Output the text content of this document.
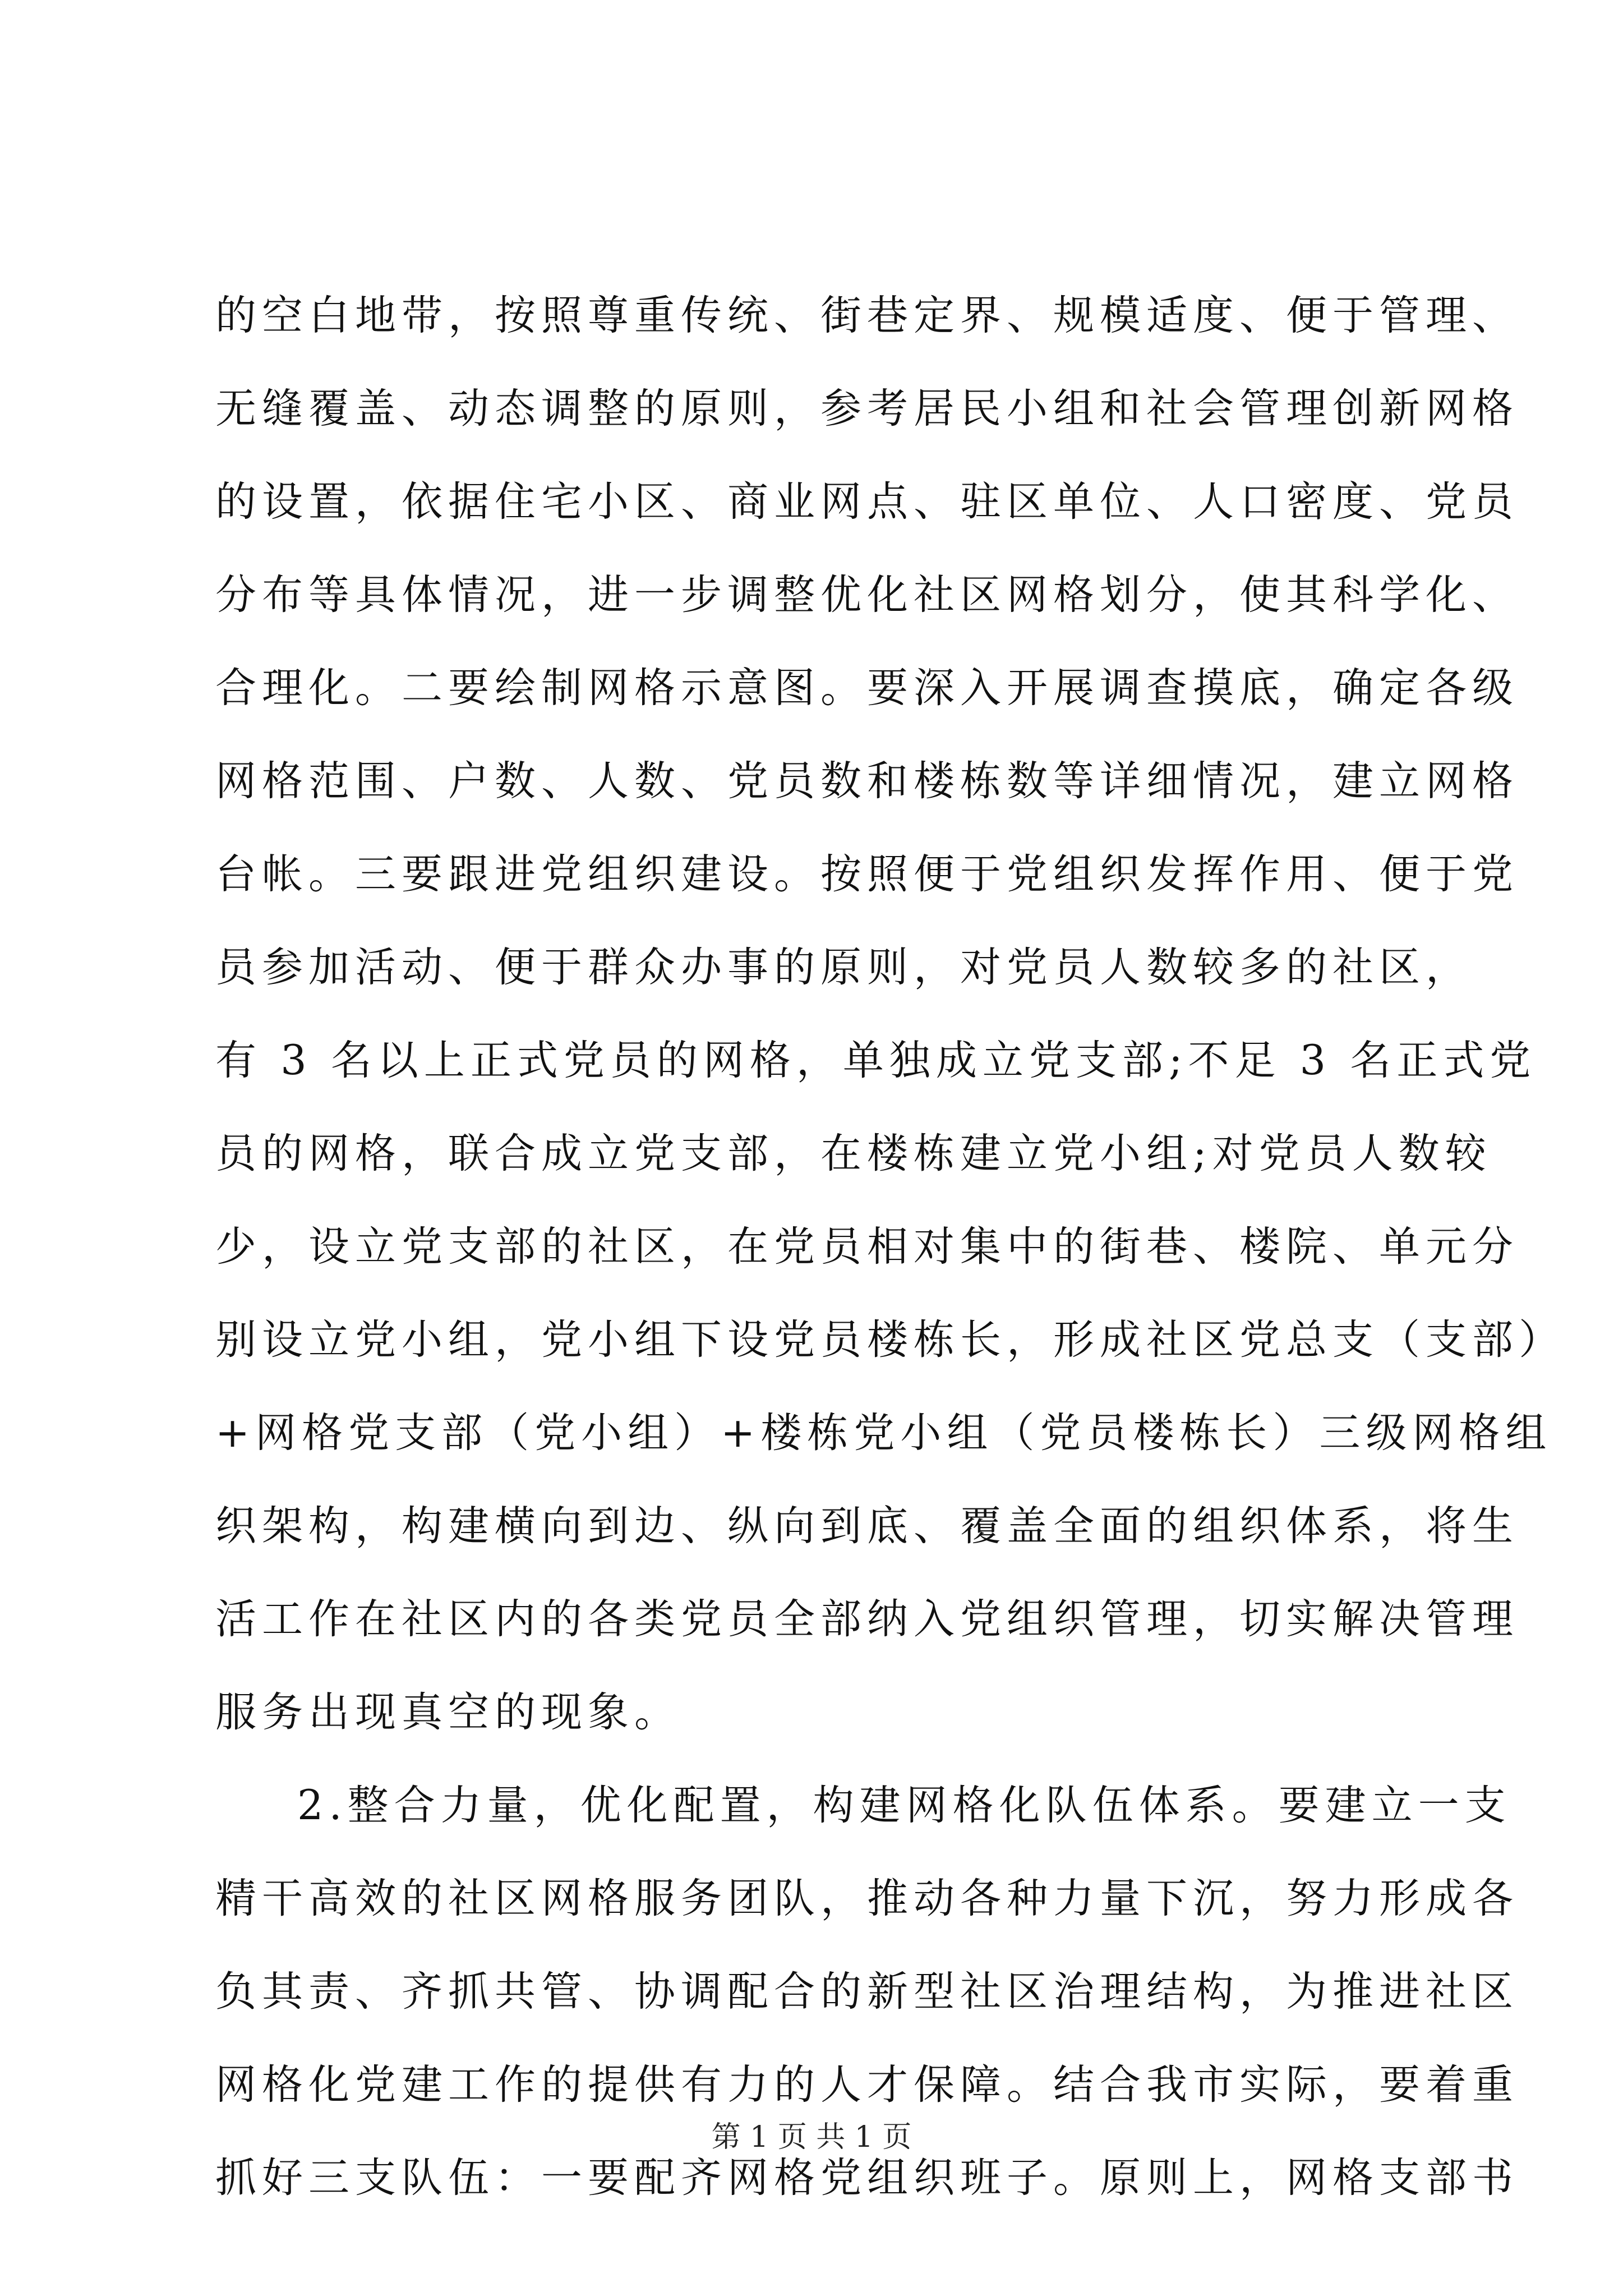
的空白地带，按照尊重传统、街巷定界、规模适度、便于管理、
无缝覆盖、动态调整的原则，参考居民小组和社会管理创新网格
的设置，依据住宅小区、商业网点、驻区单位、人口密度、党员
分布等具体情况，进一步调整优化社区网格划分，使其科学化、
合理化。二要绘制网格示意图。要深入开展调查摸底，确定各级
网格范围、户数、人数、党员数和楼栋数等详细情况，建立网格
台帐。三要跟进党组织建设。按照便于党组织发挥作用、便于党
员参加活动、便于群众办事的原则，对党员人数较多的社区，
有 3 名以上正式党员的网格，单独成立党支部;不足 3 名正式党
员的网格，联合成立党支部，在楼栋建立党小组;对党员人数较
少，设立党支部的社区，在党员相对集中的街巷、楼院、单元分
别设立党小组，党小组下设党员楼栋长，形成社区党总支（支部）
+网格党支部（党小组）+楼栋党小组（党员楼栋长）三级网格组
织架构，构建横向到边、纵向到底、覆盖全面的组织体系，将生
活工作在社区内的各类党员全部纳入党组织管理，切实解决管理
服务出现真空的现象。
2.整合力量，优化配置，构建网格化队伍体系。要建立一支
精干高效的社区网格服务团队，推动各种力量下沉，努力形成各
负其责、齐抓共管、协调配合的新型社区治理结构，为推进社区
网格化党建工作的提供有力的人才保障。结合我市实际，要着重
抓好三支队伍：一要配齐网格党组织班子。原则上，网格支部书
第 1 页 共 1 页
